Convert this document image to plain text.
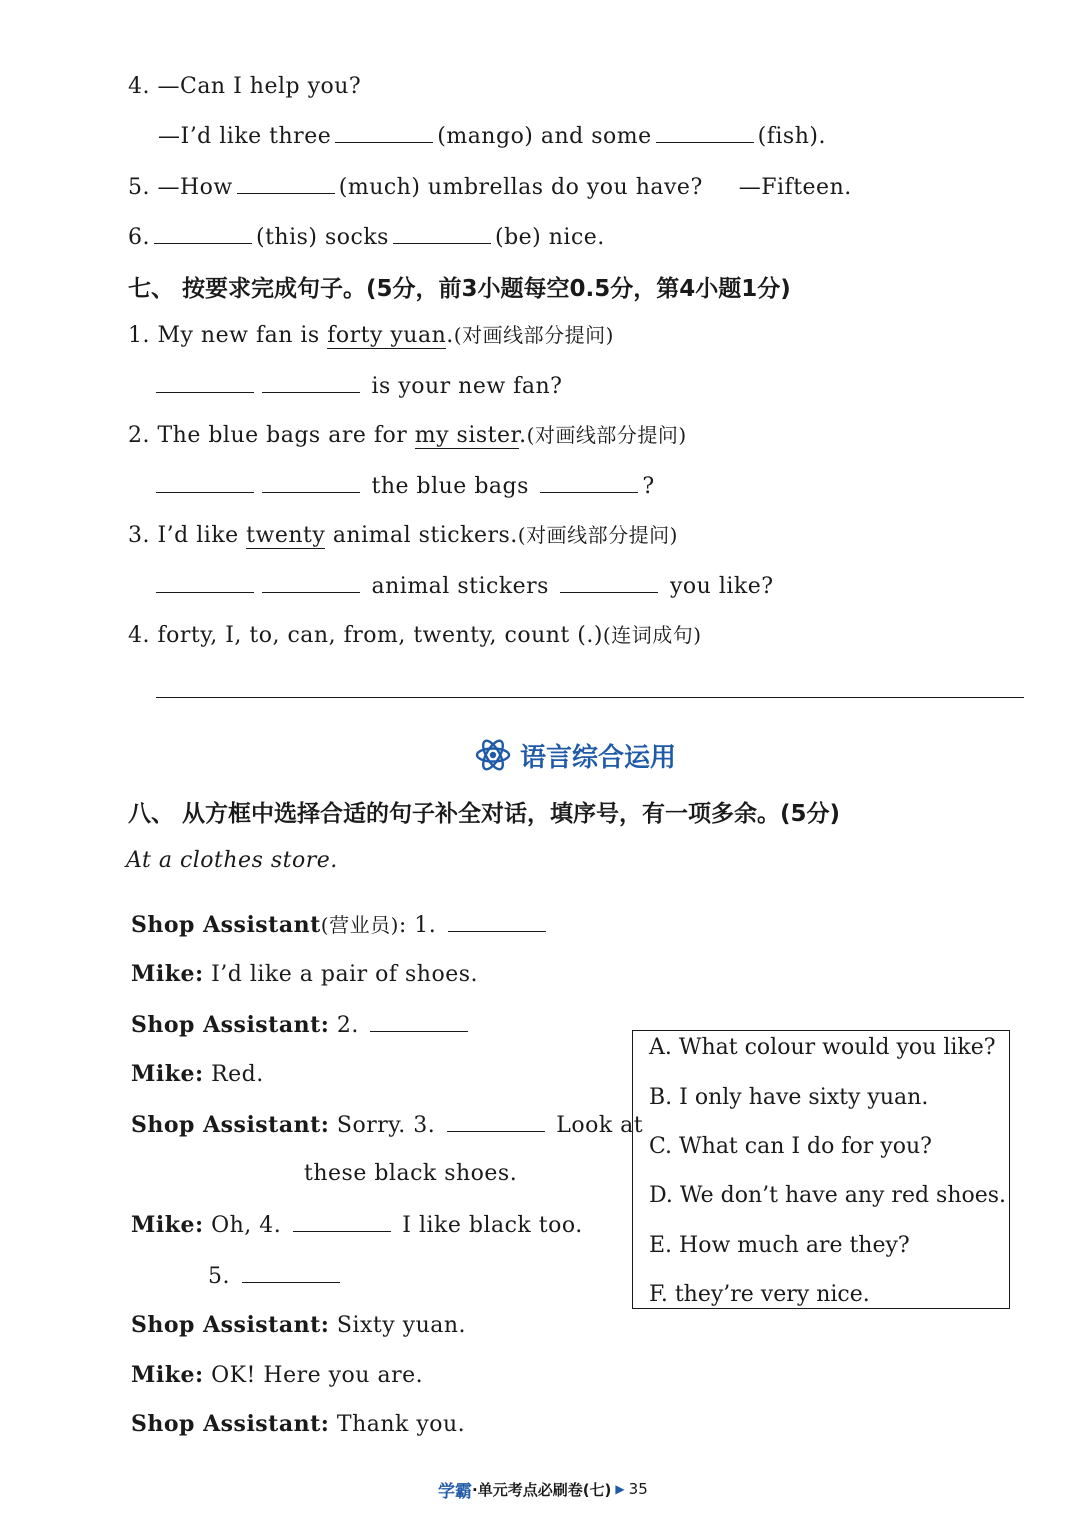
4. —Can I help you?
—I’d like three	(mango) and some	(fish).
5. —How	(much) umbrellas do you have? —Fifteen.
6.	(this) socks	(be) nice.
七、 按要求完成句子。(5分，前3小题每空0.5分，第4小题1分)
1. My new fan is forty yuan.(对画线部分提问)
is your new fan?
2. The blue bags are for my sister.(对画线部分提问)
the blue bags	?
3. I’d like twenty animal stickers.(对画线部分提问)
animal stickers	you like?
4. forty, I, to, can, from, twenty, count (.)(连词成句)
语言综合运用
八、 从方框中选择合适的句子补全对话，填序号，有一项多余。(5分)
At a clothes store.
Shop Assistant(营业员): 1.
Mike: I’d like a pair of shoes.
Shop Assistant: 2.
Mike: Red.
Shop Assistant: Sorry. 3.	Look at
these black shoes.
Mike: Oh, 4.	I like black too.
5.
Shop Assistant: Sixty yuan.
Mike: OK! Here you are.
Shop Assistant: Thank you.
A. What colour would you like?
B. I only have sixty yuan.
C. What can I do for you?
D. We don’t have any red shoes.
E. How much are they?
F. they’re very nice.
学霸 ·单元考点必刷卷(七) ▶ 35
